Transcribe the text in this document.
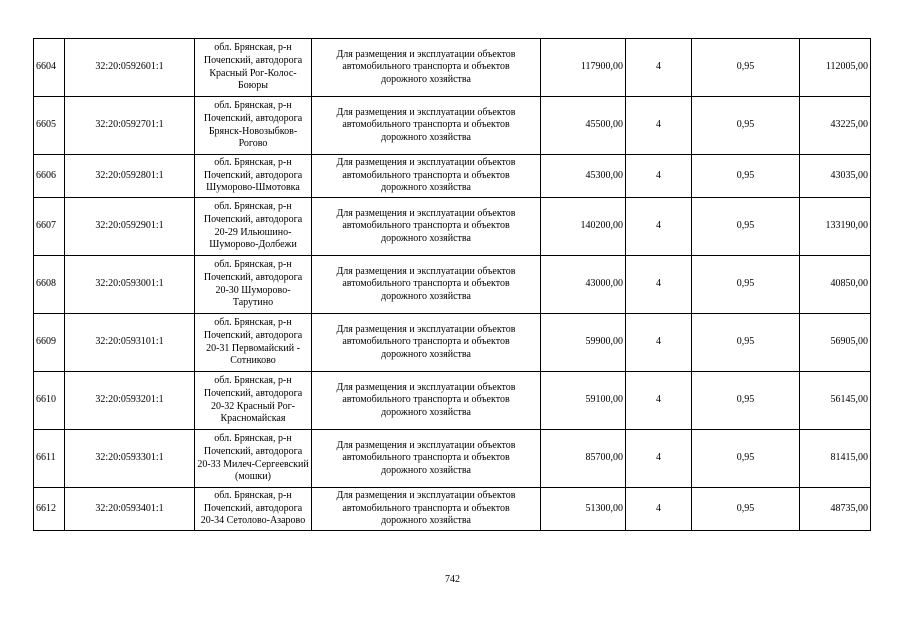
6604	32:20:0592601:1	обл. Брянская, р-н
Почепский, автодорога
Красный Рог-Колос-
Боюры	Для размещения и эксплуатации объектов
автомобильного транспорта и объектов
дорожного хозяйства	117900,00	4	0,95	112005,00
6605	32:20:0592701:1	обл. Брянская, р-н
Почепский, автодорога
Брянск-Новозыбков-
Рогово	Для размещения и эксплуатации объектов
автомобильного транспорта и объектов
дорожного хозяйства	45500,00	4	0,95	43225,00
6606	32:20:0592801:1	обл. Брянская, р-н
Почепский, автодорога
Шуморово-Шмотовка	Для размещения и эксплуатации объектов
автомобильного транспорта и объектов
дорожного хозяйства	45300,00	4	0,95	43035,00
6607	32:20:0592901:1	обл. Брянская, р-н
Почепский, автодорога
20-29 Ильюшино-
Шуморово-Долбежи	Для размещения и эксплуатации объектов
автомобильного транспорта и объектов
дорожного хозяйства	140200,00	4	0,95	133190,00
6608	32:20:0593001:1	обл. Брянская, р-н
Почепский, автодорога
20-30 Шуморово-
Тарутино	Для размещения и эксплуатации объектов
автомобильного транспорта и объектов
дорожного хозяйства	43000,00	4	0,95	40850,00
6609	32:20:0593101:1	обл. Брянская, р-н
Почепский, автодорога
20-31 Первомайский -
Сотниково	Для размещения и эксплуатации объектов
автомобильного транспорта и объектов
дорожного хозяйства	59900,00	4	0,95	56905,00
6610	32:20:0593201:1	обл. Брянская, р-н
Почепский, автодорога
20-32 Красный Рог-
Красномайская	Для размещения и эксплуатации объектов
автомобильного транспорта и объектов
дорожного хозяйства	59100,00	4	0,95	56145,00
6611	32:20:0593301:1	обл. Брянская, р-н
Почепский, автодорога
20-33 Милеч-Сергеевский
(мошки)	Для размещения и эксплуатации объектов
автомобильного транспорта и объектов
дорожного хозяйства	85700,00	4	0,95	81415,00
6612	32:20:0593401:1	обл. Брянская, р-н
Почепский, автодорога
20-34 Сетолово-Азарово	Для размещения и эксплуатации объектов
автомобильного транспорта и объектов
дорожного хозяйства	51300,00	4	0,95	48735,00
742
